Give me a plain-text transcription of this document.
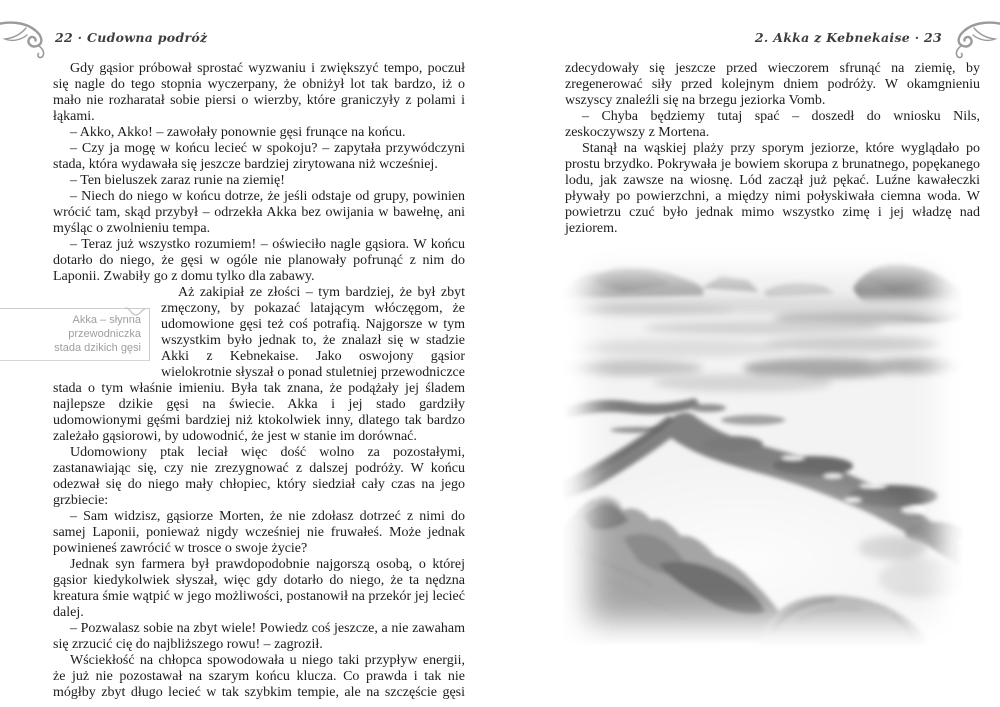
22 · Cudowna podróż	2. Akka z Kebnekaise · 23
Akka – słynna przewodniczka
stada dzikich gęsi

Gdy gąsior próbował sprostać wyzwaniu i zwiększyć tempo, poczuł się nagle do tego stopnia wyczerpany, że obniżył lot tak bardzo, iż o mało nie rozharatał sobie piersi o wierzby, które graniczyły z polami i łąkami.

– Akko, Akko! – zawołały ponownie gęsi frunące na końcu.

– Czy ja mogę w końcu lecieć w spokoju? – zapytała przywódczyni stada, która wydawała się jeszcze bardziej zirytowana niż wcześniej.

– Ten bieluszek zaraz runie na ziemię!

– Niech do niego w końcu dotrze, że jeśli odstaje od grupy, powinien wrócić tam, skąd przybył – odrzekła Akka bez owijania w bawełnę, ani myśląc o zwolnieniu tempa.

– Teraz już wszystko rozumiem! – oświeciło nagle gąsiora. W końcu dotarło do niego, że gęsi w ogóle nie planowały pofrunąć z nim do Laponii. Zwabiły go z domu tylko dla zabawy.

Aż zakipiał ze złości – tym bardziej, że był zbyt zmęczony, by pokazać latającym włóczęgom, że udomowione gęsi też coś potrafią. Najgorsze w tym wszystkim było jednak to, że znalazł się w stadzie Akki z Kebnekaise. Jako oswojony gąsior wielokrotnie słyszał o ponad stuletniej przewodniczce stada o tym właśnie imieniu. Była tak znana, że podążały jej śladem najlepsze dzikie gęsi na świecie. Akka i jej stado gardziły udomowionymi gęśmi bardziej niż ktokolwiek inny, dlatego tak bardzo zależało gąsiorowi, by udowodnić, że jest w stanie im dorównać.

Udomowiony ptak leciał więc dość wolno za pozostałymi, zastanawiając się, czy nie zrezygnować z dalszej podróży. W końcu odezwał się do niego mały chłopiec, który siedział cały czas na jego grzbiecie:

– Sam widzisz, gąsiorze Morten, że nie zdołasz dotrzeć z nimi do samej Laponii, ponieważ nigdy wcześniej nie fruwałeś. Może jednak powinieneś zawrócić w trosce o swoje życie?

Jednak syn farmera był prawdopodobnie najgorszą osobą, o której gąsior kiedykolwiek słyszał, więc gdy dotarło do niego, że ta nędzna kreatura śmie wątpić w jego możliwości, postanowił na przekór jej lecieć dalej.

– Pozwalasz sobie na zbyt wiele! Powiedz coś jeszcze, a nie zawaham się zrzucić cię do najbliższego rowu! – zagroził.

Wściekłość na chłopca spowodowała u niego taki przypływ energii, że już nie pozostawał na szarym końcu klucza. Co prawda i tak nie mógłby zbyt długo lecieć w tak szybkim tempie, ale na szczęście gęsi

zdecydowały się jeszcze przed wieczorem sfrunąć na ziemię, by zregenerować siły przed kolejnym dniem podróży. W okamgnieniu wszyscy znaleźli się na brzegu jeziorka Vomb.

– Chyba będziemy tutaj spać – doszedł do wniosku Nils, zeskoczywszy z Mortena.

Stanął na wąskiej plaży przy sporym jeziorze, które wyglądało po prostu brzydko. Pokrywała je bowiem skorupa z brunatnego, popękanego lodu, jak zawsze na wiosnę. Lód zaczął już pękać. Luźne kawałeczki pływały po powierzchni, a między nimi połyskiwała ciemna woda. W powietrzu czuć było jednak mimo wszystko zimę i jej władzę nad jeziorem.
